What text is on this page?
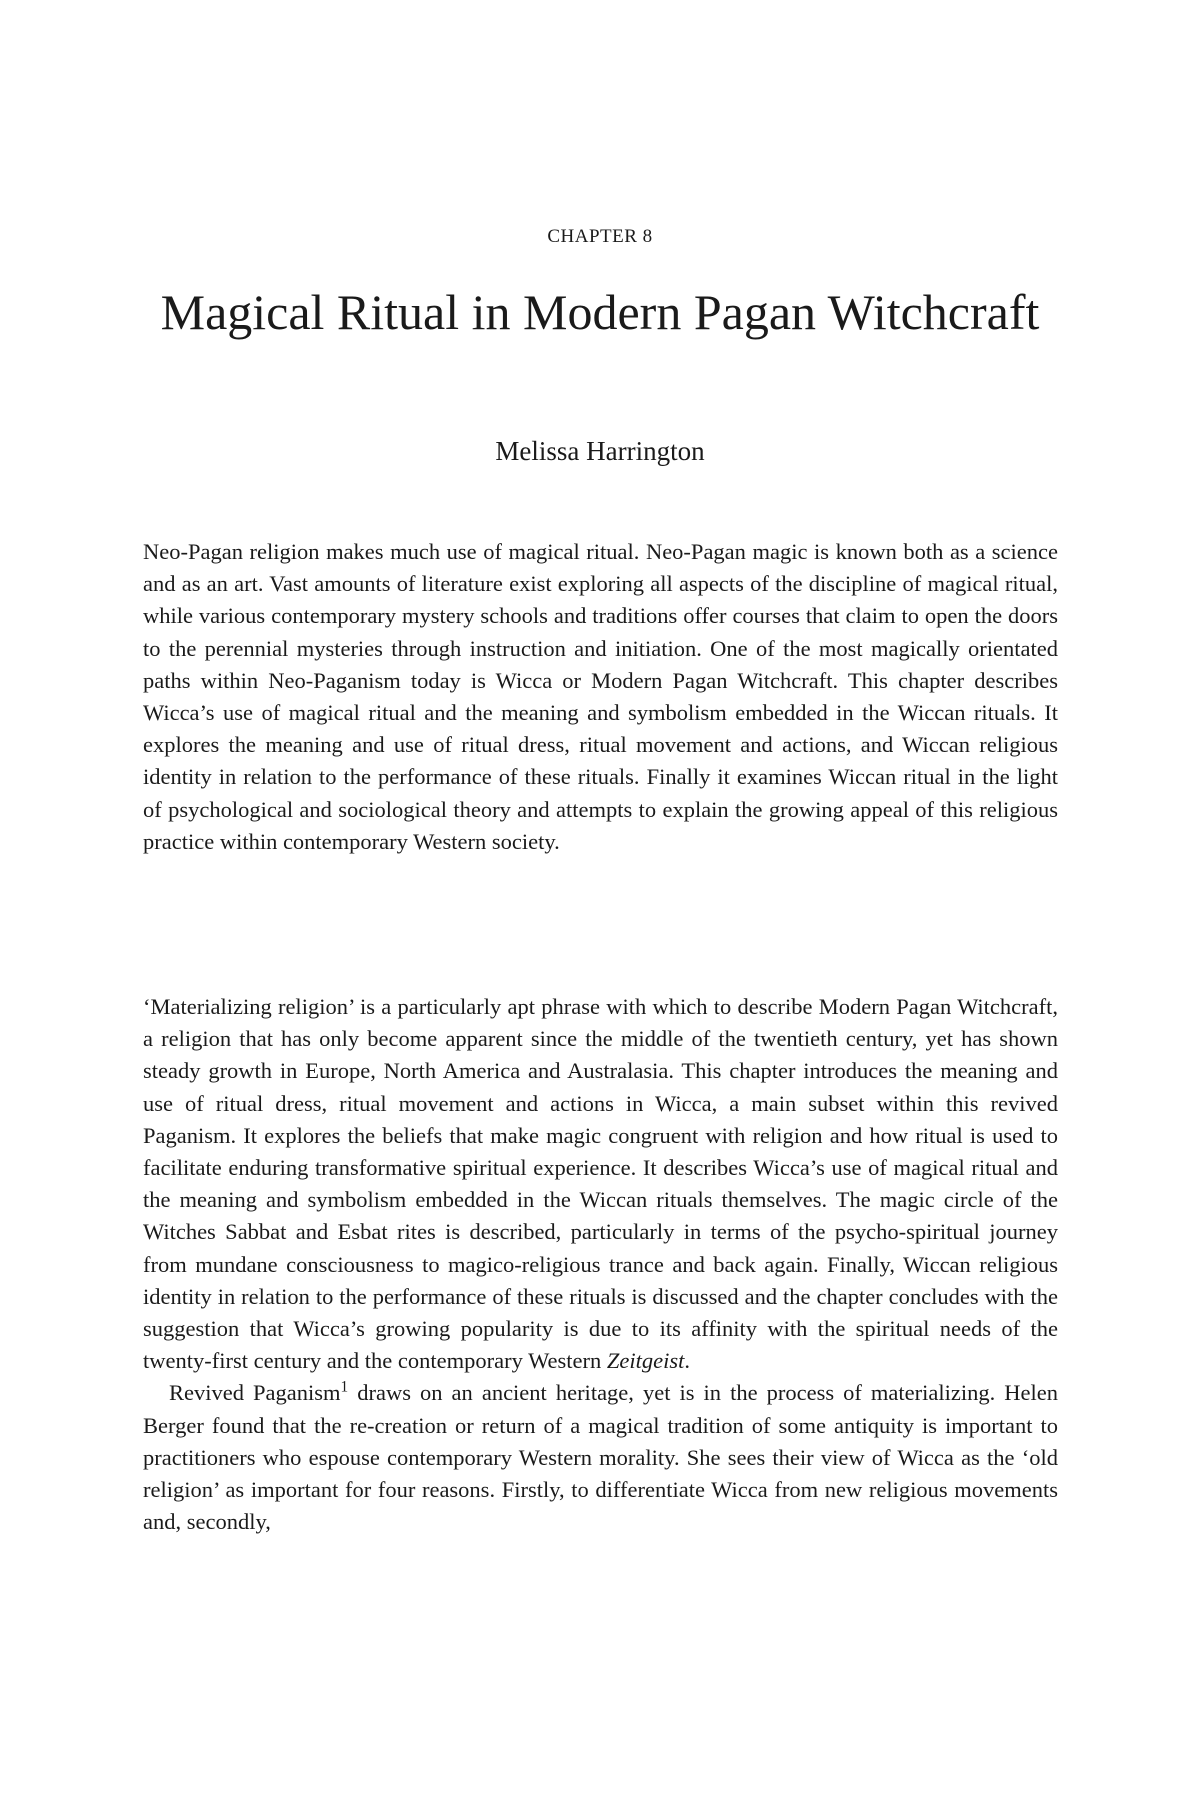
CHAPTER 8
Magical Ritual in Modern Pagan Witchcraft
Melissa Harrington

Neo-Pagan religion makes much use of magical ritual. Neo-Pagan magic is known both as a science and as an art. Vast amounts of literature exist exploring all aspects of the discipline of magical ritual, while various contemporary mystery schools and traditions offer courses that claim to open the doors to the perennial mysteries through instruction and initiation. One of the most magically orientated paths within Neo-Paganism today is Wicca or Modern Pagan Witchcraft. This chapter describes Wicca’s use of magical ritual and the meaning and symbolism embedded in the Wiccan rituals. It explores the meaning and use of ritual dress, ritual movement and actions, and Wiccan religious identity in relation to the performance of these rituals. Finally it examines Wiccan ritual in the light of psychological and sociological theory and attempts to explain the growing appeal of this religious practice within contemporary Western society.

‘Materializing religion’ is a particularly apt phrase with which to describe Modern Pagan Witchcraft, a religion that has only become apparent since the middle of the twentieth century, yet has shown steady growth in Europe, North America and Australasia. This chapter introduces the meaning and use of ritual dress, ritual movement and actions in Wicca, a main subset within this revived Paganism. It explores the beliefs that make magic congruent with religion and how ritual is used to facilitate enduring transformative spiritual experience. It describes Wicca’s use of magical ritual and the meaning and symbolism embedded in the Wiccan rituals themselves. The magic circle of the Witches Sabbat and Esbat rites is described, particularly in terms of the psycho-spiritual journey from mundane consciousness to magico-religious trance and back again. Finally, Wiccan religious identity in relation to the performance of these rituals is discussed and the chapter concludes with the suggestion that Wicca’s growing popularity is due to its affinity with the spiritual needs of the twenty-first century and the contemporary Western Zeitgeist.

Revived Paganism$^1$ draws on an ancient heritage, yet is in the process of materializing. Helen Berger found that the re-creation or return of a magical tradition of some antiquity is important to practitioners who espouse contemporary Western morality. She sees their view of Wicca as the ‘old religion’ as important for four reasons. Firstly, to differentiate Wicca from new religious movements and, secondly,
